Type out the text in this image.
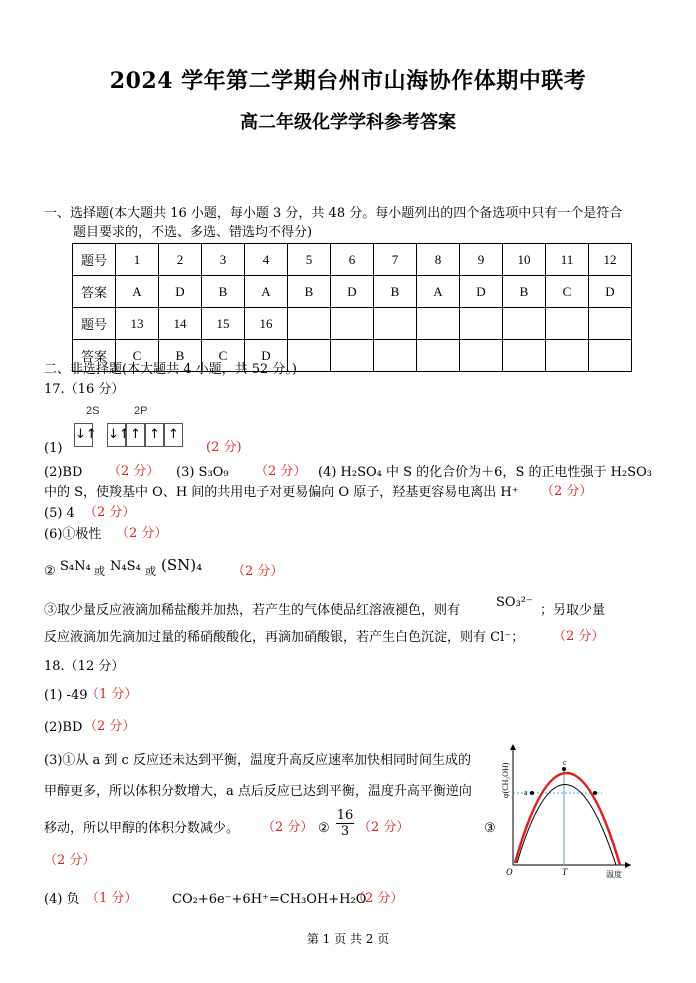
2024 学年第二学期台州市山海协作体期中联考
高二年级化学学科参考答案
一、选择题(本大题共 16 小题，每小题 3 分，共 48 分。每小题列出的四个备选项中只有一个是符合
题目要求的，不选、多选、错选均不得分)
题号	1	2	3	4	5	6	7	8	9	10	11	12
答案	A	D	B	A	B	D	B	A	D	B	C	D
题号	13	14	15	16								
答案	C	B	C	D								
二、非选择题(本大题共 4 小题，共 52 分。)
17.（16 分）
2S	2P
↓↑ ↓↑ ↑ ↑ ↑
(1)	(2 分)
(2)BD （2 分） (3) S₃O₉ （2 分） (4) H₂SO₄ 中 S 的化合价为＋6，S 的正电性强于 H₂SO₃
中的 S，使羧基中 O、H 间的共用电子对更易偏向 O 原子，羟基更容易电离出 H⁺ （2 分）
(5) 4 （2 分）
(6)①极性 （2 分）
② S₄N₄ 或 N₄S₄ 或 (SN)₄ （2 分）
③取少量反应液滴加稀盐酸并加热，若产生的气体使品红溶液褪色，则有
SO₃²⁻
；另取少量
反应液滴加先滴加过量的稀硝酸酸化，再滴加硝酸银，若产生白色沉淀，则有 Cl⁻； （2 分）
18.（12 分）
(1) -49
（1 分）
(2)BD （2 分）
(3)①从 a 到 c 反应还未达到平衡，温度升高反应速率加快相同时间生成的
甲醇更多，所以体积分数增大，a 点后反应已达到平衡，温度升高平衡逆向
移动，所以甲醇的体积分数减少。 （2 分） ② $\frac{16}{3} (2$ 分）	③
（2 分）
(4) 负 （1 分）	CO₂+6e⁻+6H⁺=CH₃OH+H₂O
（2 分）
a
c
O	T	温度
φ(CH₃OH)
第 1 页 共 2 页
